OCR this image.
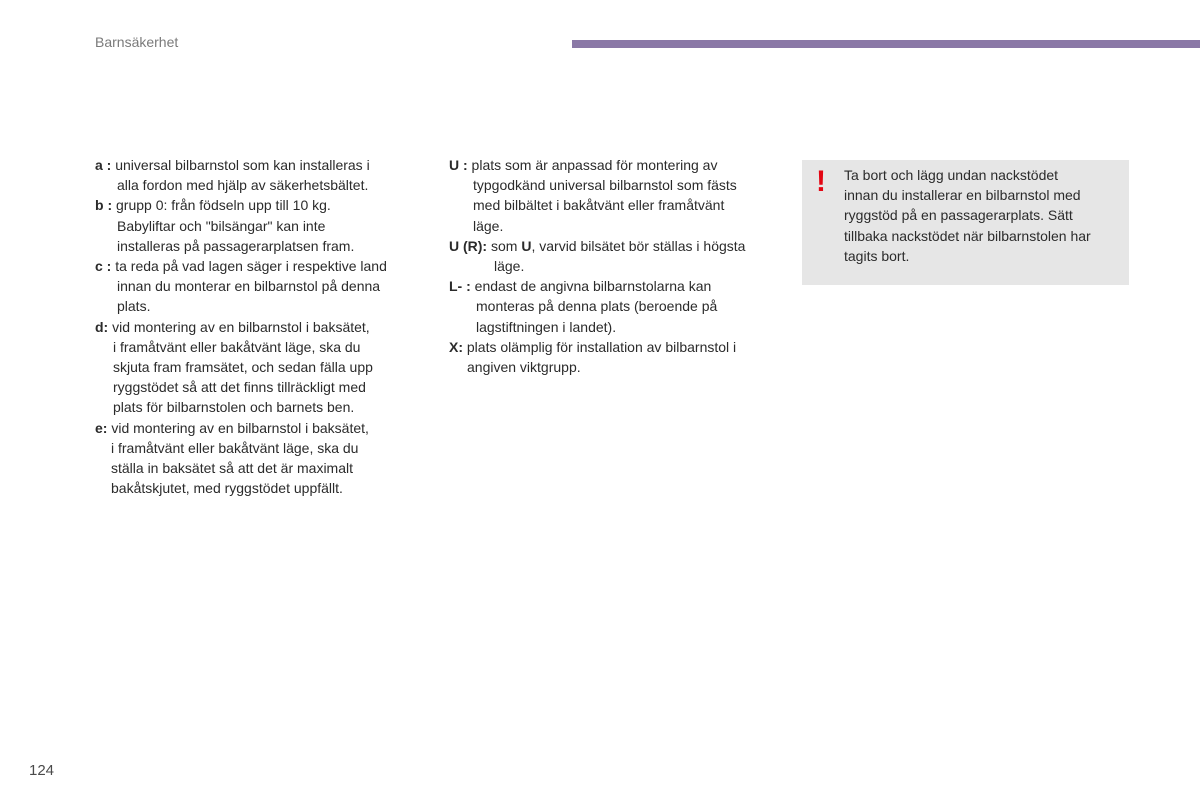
Barnsäkerhet
a : universal bilbarnstol som kan installeras i
alla fordon med hjälp av säkerhetsbältet.
b : grupp 0: från födseln upp till 10 kg.
Babyliftar och "bilsängar" kan inte
installeras på passagerarplatsen fram.
c : ta reda på vad lagen säger i respektive land
innan du monterar en bilbarnstol på denna
plats.
d: vid montering av en bilbarnstol i baksätet,
i framåtvänt eller bakåtvänt läge, ska du
skjuta fram framsätet, och sedan fälla upp
ryggstödet så att det finns tillräckligt med
plats för bilbarnstolen och barnets ben.
e: vid montering av en bilbarnstol i baksätet,
i framåtvänt eller bakåtvänt läge, ska du
ställa in baksätet så att det är maximalt
bakåtskjutet, med ryggstödet uppfällt.
U : plats som är anpassad för montering av
typgodkänd universal bilbarnstol som fästs
med bilbältet i bakåtvänt eller framåtvänt
läge.
U (R): som U, varvid bilsätet bör ställas i högsta
läge.
L- : endast de angivna bilbarnstolarna kan
monteras på denna plats (beroende på
lagstiftningen i landet).
X: plats olämplig för installation av bilbarnstol i
angiven viktgrupp.
! Ta bort och lägg undan nackstödet
innan du installerar en bilbarnstol med
ryggstöd på en passagerarplats. Sätt
tillbaka nackstödet när bilbarnstolen har
tagits bort.
124
